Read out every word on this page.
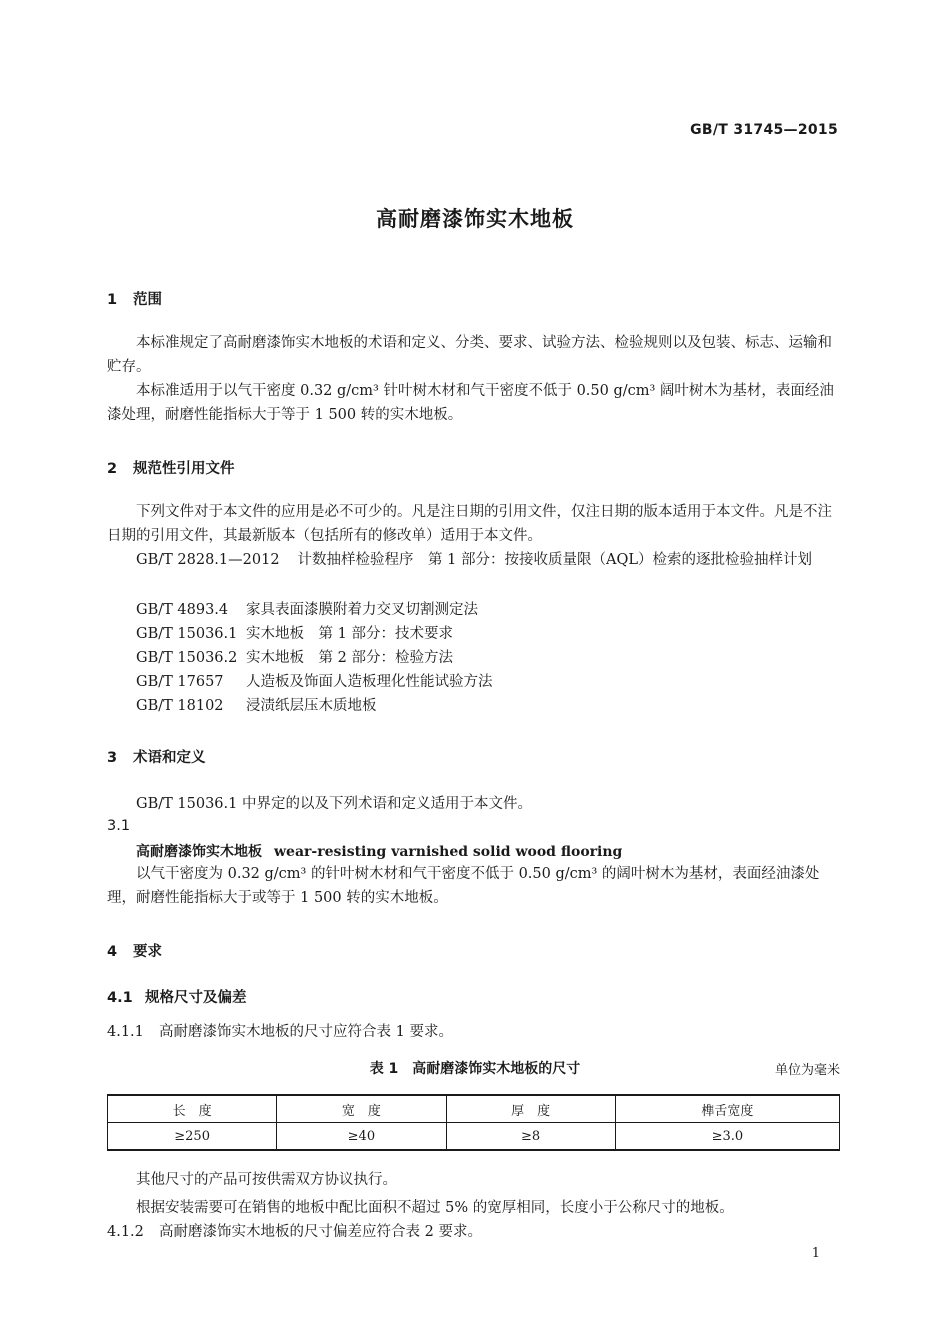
GB/T 31745—2015
高耐磨漆饰实木地板
1 范围
本标准规定了高耐磨漆饰实木地板的术语和定义、分类、要求、试验方法、检验规则以及包装、标志、运输和贮存。
本标准适用于以气干密度 0.32 g/cm³ 针叶树木材和气干密度不低于 0.50 g/cm³ 阔叶树木为基材，表面经油漆处理，耐磨性能指标大于等于 1 500 转的实木地板。
2 规范性引用文件
下列文件对于本文件的应用是必不可少的。凡是注日期的引用文件，仅注日期的版本适用于本文件。凡是不注日期的引用文件，其最新版本（包括所有的修改单）适用于本文件。
GB/T 2828.1—2012 计数抽样检验程序　第 1 部分：按接收质量限（AQL）检索的逐批检验抽样计划
GB/T 4893.4 家具表面漆膜附着力交叉切割测定法
GB/T 15036.1 实木地板　第 1 部分：技术要求
GB/T 15036.2 实木地板　第 2 部分：检验方法
GB/T 17657 人造板及饰面人造板理化性能试验方法
GB/T 18102 浸渍纸层压木质地板
3 术语和定义
GB/T 15036.1 中界定的以及下列术语和定义适用于本文件。
3.1
高耐磨漆饰实木地板 wear-resisting varnished solid wood flooring
以气干密度为 0.32 g/cm³ 的针叶树木材和气干密度不低于 0.50 g/cm³ 的阔叶树木为基材，表面经油漆处理，耐磨性能指标大于或等于 1 500 转的实木地板。
4 要求
4.1 规格尺寸及偏差
4.1.1 高耐磨漆饰实木地板的尺寸应符合表 1 要求。
表 1　高耐磨漆饰实木地板的尺寸	单位为毫米
长　度	宽　度	厚　度	榫舌宽度
≥250	≥40	≥8	≥3.0
其他尺寸的产品可按供需双方协议执行。
根据安装需要可在销售的地板中配比面积不超过 5% 的宽厚相同，长度小于公称尺寸的地板。
4.1.2 高耐磨漆饰实木地板的尺寸偏差应符合表 2 要求。
1
